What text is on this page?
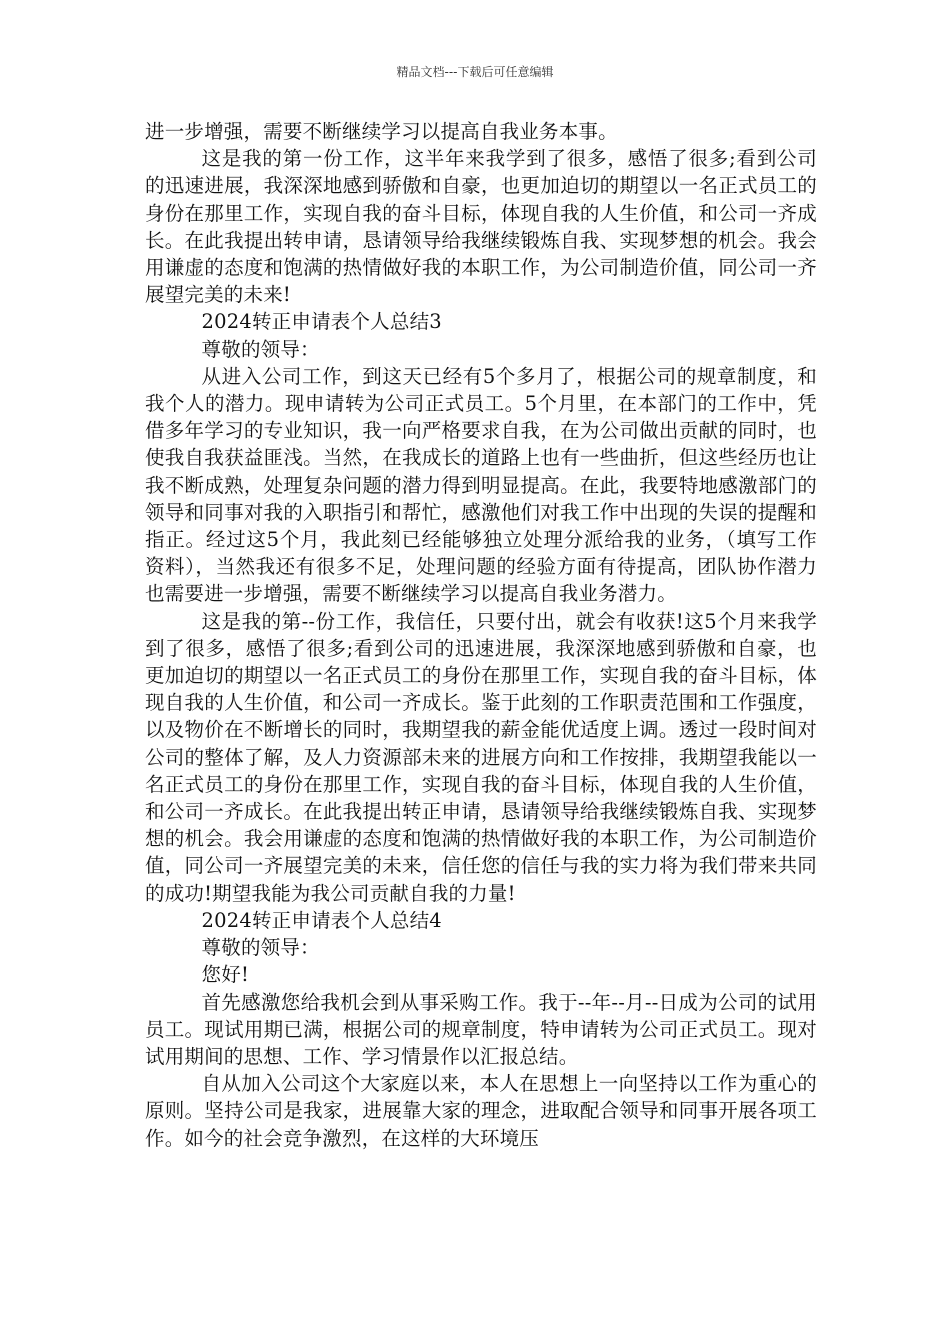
精品文档---下载后可任意编辑

进一步增强，需要不断继续学习以提高自我业务本事。

这是我的第一份工作，这半年来我学到了很多，感悟了很多;看到公司的迅速进展，我深深地感到骄傲和自豪，也更加迫切的期望以一名正式员工的身份在那里工作，实现自我的奋斗目标，体现自我的人生价值，和公司一齐成长。在此我提出转申请，恳请领导给我继续锻炼自我、实现梦想的机会。我会用谦虚的态度和饱满的热情做好我的本职工作，为公司制造价值，同公司一齐展望完美的未来!

2024转正申请表个人总结3

尊敬的领导：

从进入公司工作，到这天已经有5个多月了，根据公司的规章制度，和我个人的潜力。现申请转为公司正式员工。5个月里，在本部门的工作中，凭借多年学习的专业知识，我一向严格要求自我，在为公司做出贡献的同时，也使我自我获益匪浅。当然，在我成长的道路上也有一些曲折，但这些经历也让我不断成熟，处理复杂问题的潜力得到明显提高。在此，我要特地感激部门的领导和同事对我的入职指引和帮忙，感激他们对我工作中出现的失误的提醒和指正。经过这5个月，我此刻已经能够独立处理分派给我的业务，（填写工作资料），当然我还有很多不足，处理问题的经验方面有待提高，团队协作潜力也需要进一步增强，需要不断继续学习以提高自我业务潜力。

这是我的第--份工作，我信任，只要付出，就会有收获!这5个月来我学到了很多，感悟了很多;看到公司的迅速进展，我深深地感到骄傲和自豪，也更加迫切的期望以一名正式员工的身份在那里工作，实现自我的奋斗目标，体现自我的人生价值，和公司一齐成长。鉴于此刻的工作职责范围和工作强度，以及物价在不断增长的同时，我期望我的薪金能优适度上调。透过一段时间对公司的整体了解，及人力资源部未来的进展方向和工作按排，我期望我能以一名正式员工的身份在那里工作，实现自我的奋斗目标，体现自我的人生价值，和公司一齐成长。在此我提出转正申请，恳请领导给我继续锻炼自我、实现梦想的机会。我会用谦虚的态度和饱满的热情做好我的本职工作，为公司制造价值，同公司一齐展望完美的未来，信任您的信任与我的实力将为我们带来共同的成功!期望我能为我公司贡献自我的力量!

2024转正申请表个人总结4

尊敬的领导：

您好!

首先感激您给我机会到从事采购工作。我于--年--月--日成为公司的试用员工。现试用期已满，根据公司的规章制度，特申请转为公司正式员工。现对试用期间的思想、工作、学习情景作以汇报总结。

自从加入公司这个大家庭以来，本人在思想上一向坚持以工作为重心的原则。坚持公司是我家，进展靠大家的理念，进取配合领导和同事开展各项工作。如今的社会竞争激烈，在这样的大环境压
